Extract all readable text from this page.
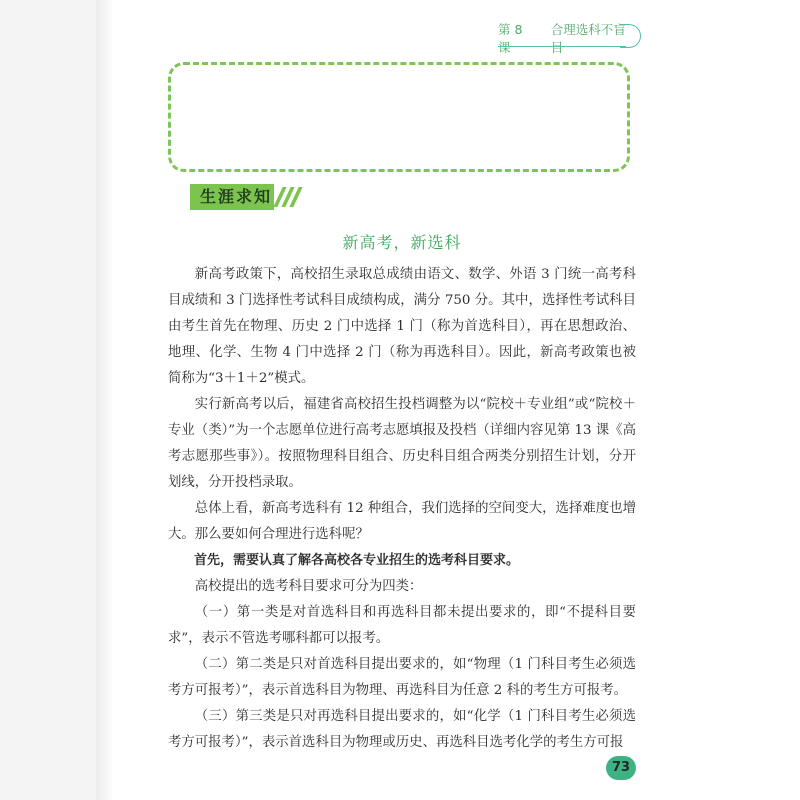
第 8 课
合理选科不盲目
生涯求知
新高考，新选科

新高考政策下，高校招生录取总成绩由语文、数学、外语 3 门统一高考科目成绩和 3 门选择性考试科目成绩构成，满分 750 分。其中，选择性考试科目由考生首先在物理、历史 2 门中选择 1 门（称为首选科目），再在思想政治、地理、化学、生物 4 门中选择 2 门（称为再选科目）。因此，新高考政策也被简称为“3＋1＋2”模式。

实行新高考以后，福建省高校招生投档调整为以“院校＋专业组”或“院校＋专业（类）”为一个志愿单位进行高考志愿填报及投档（详细内容见第 13 课《高考志愿那些事》）。按照物理科目组合、历史科目组合两类分别招生计划，分开划线，分开投档录取。

总体上看，新高考选科有 12 种组合，我们选择的空间变大，选择难度也增大。那么要如何合理进行选科呢？

首先，需要认真了解各高校各专业招生的选考科目要求。

高校提出的选考科目要求可分为四类：

（一）第一类是对首选科目和再选科目都未提出要求的，即“不提科目要求”，表示不管选考哪科都可以报考。

（二）第二类是只对首选科目提出要求的，如“物理（1 门科目考生必须选考方可报考）”，表示首选科目为物理、再选科目为任意 2 科的考生方可报考。

（三）第三类是只对再选科目提出要求的，如“化学（1 门科目考生必须选考方可报考）”，表示首选科目为物理或历史、再选科目选考化学的考生方可报

73
